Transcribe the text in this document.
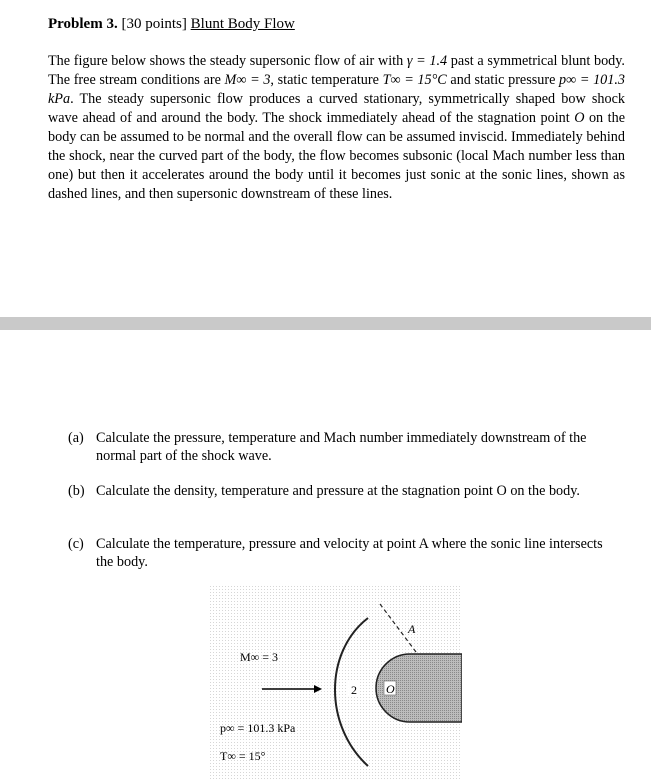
Problem 3. [30 points] Blunt Body Flow
The figure below shows the steady supersonic flow of air with γ = 1.4 past a symmetrical blunt body. The free stream conditions are M∞ = 3, static temperature T∞ = 15°C and static pressure p∞ = 101.3 kPa. The steady supersonic flow produces a curved stationary, symmetrically shaped bow shock wave ahead of and around the body. The shock immediately ahead of the stagnation point O on the body can be assumed to be normal and the overall flow can be assumed inviscid. Immediately behind the shock, near the curved part of the body, the flow becomes subsonic (local Mach number less than one) but then it accelerates around the body until it becomes just sonic at the sonic lines, shown as dashed lines, and then supersonic downstream of these lines.
(a) Calculate the pressure, temperature and Mach number immediately downstream of the normal part of the shock wave.
(b) Calculate the density, temperature and pressure at the stagnation point O on the body.
(c) Calculate the temperature, pressure and velocity at point A where the sonic line intersects the body.
2 O
A
M∞ = 3
p∞ = 101.3 kPa
T∞ = 15°
